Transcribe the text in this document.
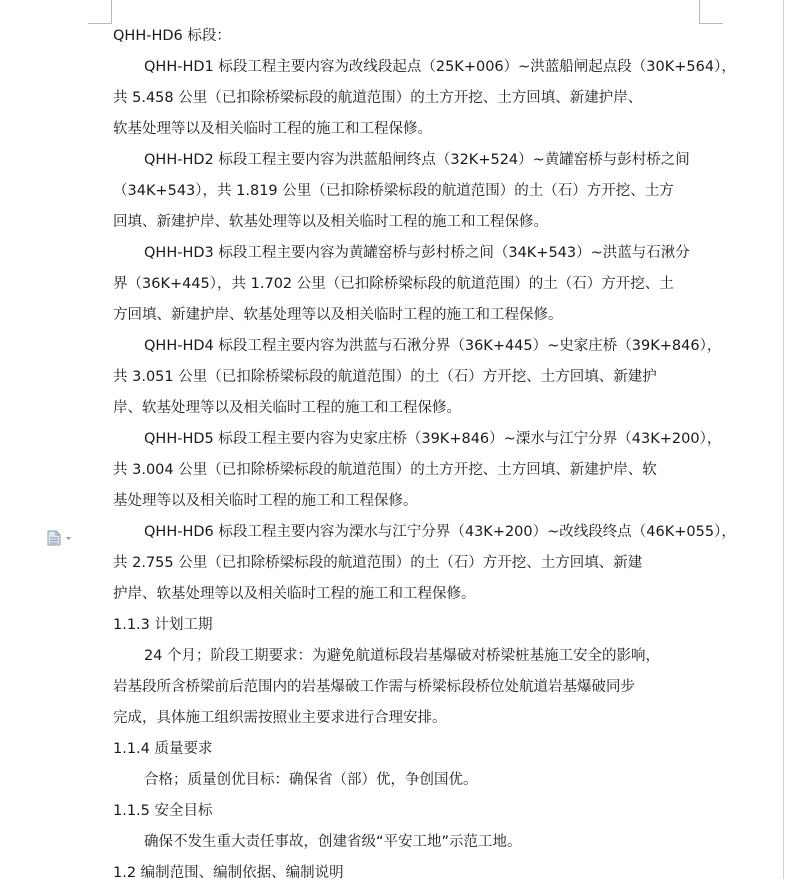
QHH-HD6 标段：
QHH-HD1 标段工程主要内容为改线段起点（25K+006）~洪蓝船闸起点段（30K+564），
共 5.458 公里（已扣除桥梁标段的航道范围）的土方开挖、土方回填、新建护岸、
软基处理等以及相关临时工程的施工和工程保修。
QHH-HD2 标段工程主要内容为洪蓝船闸终点（32K+524）~黄罐窑桥与彭村桥之间
（34K+543），共 1.819 公里（已扣除桥梁标段的航道范围）的土（石）方开挖、土方
回填、新建护岸、软基处理等以及相关临时工程的施工和工程保修。
QHH-HD3 标段工程主要内容为黄罐窑桥与彭村桥之间（34K+543）~洪蓝与石湫分
界（36K+445），共 1.702 公里（已扣除桥梁标段的航道范围）的土（石）方开挖、土
方回填、新建护岸、软基处理等以及相关临时工程的施工和工程保修。
QHH-HD4 标段工程主要内容为洪蓝与石湫分界（36K+445）~史家庄桥（39K+846），
共 3.051 公里（已扣除桥梁标段的航道范围）的土（石）方开挖、土方回填、新建护
岸、软基处理等以及相关临时工程的施工和工程保修。
QHH-HD5 标段工程主要内容为史家庄桥（39K+846）~溧水与江宁分界（43K+200），
共 3.004 公里（已扣除桥梁标段的航道范围）的土方开挖、土方回填、新建护岸、软
基处理等以及相关临时工程的施工和工程保修。
QHH-HD6 标段工程主要内容为溧水与江宁分界（43K+200）~改线段终点（46K+055），
共 2.755 公里（已扣除桥梁标段的航道范围）的土（石）方开挖、土方回填、新建
护岸、软基处理等以及相关临时工程的施工和工程保修。
1.1.3 计划工期
24 个月；阶段工期要求：为避免航道标段岩基爆破对桥梁桩基施工安全的影响，
岩基段所含桥梁前后范围内的岩基爆破工作需与桥梁标段桥位处航道岩基爆破同步
完成，具体施工组织需按照业主要求进行合理安排。
1.1.4 质量要求
合格；质量创优目标：确保省（部）优，争创国优。
1.1.5 安全目标
确保不发生重大责任事故，创建省级“平安工地”示范工地。
1.2 编制范围、编制依据、编制说明
